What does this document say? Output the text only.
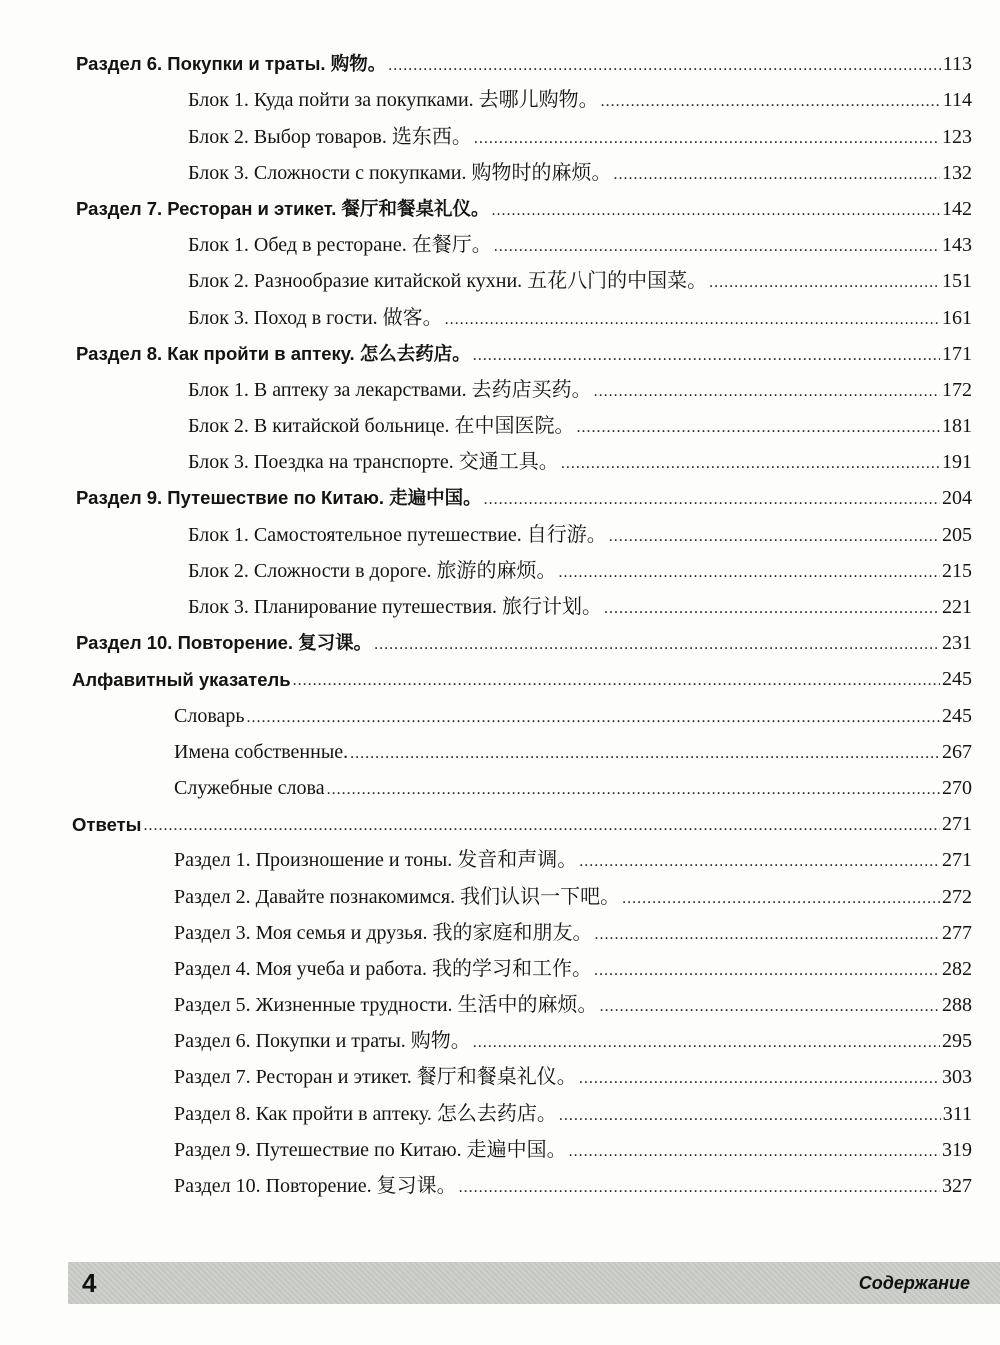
Раздел 6. Покупки и траты. 购物。 .....	113
Блок 1. Куда пойти за покупками. 去哪儿购物。 .....	114
Блок 2. Выбор товаров. 选东西。 .....	123
Блок 3. Сложности с покупками. 购物时的麻烦。 .....	132
Раздел 7. Ресторан и этикет. 餐厅和餐桌礼仪。 .....	142
Блок 1. Обед в ресторане. 在餐厅。 .....	143
Блок 2. Разнообразие китайской кухни. 五花八门的中国菜。 .....	151
Блок 3. Поход в гости. 做客。 .....	161
Раздел 8. Как пройти в аптеку. 怎么去药店。 .....	171
Блок 1. В аптеку за лекарствами. 去药店买药。 .....	172
Блок 2. В китайской больнице. 在中国医院。 .....	181
Блок 3. Поездка на транспорте. 交通工具。 .....	191
Раздел 9. Путешествие по Китаю. 走遍中国。 .....	204
Блок 1. Самостоятельное путешествие. 自行游。 .....	205
Блок 2. Сложности в дороге. 旅游的麻烦。 .....	215
Блок 3. Планирование путешествия. 旅行计划。 .....	221
Раздел 10. Повторение. 复习课。 .....	231
Алфавитный указатель .....	245
Словарь .....	245
Имена собственные. .....	267
Служебные слова .....	270
Ответы .....	271
Раздел 1. Произношение и тоны. 发音和声调。 .....	271
Раздел 2. Давайте познакомимся. 我们认识一下吧。 .....	272
Раздел 3. Моя семья и друзья. 我的家庭和朋友。 .....	277
Раздел 4. Моя учеба и работа. 我的学习和工作。 .....	282
Раздел 5. Жизненные трудности. 生活中的麻烦。 .....	288
Раздел 6. Покупки и траты. 购物。 .....	295
Раздел 7. Ресторан и этикет. 餐厅和餐桌礼仪。 .....	303
Раздел 8. Как пройти в аптеку. 怎么去药店。 .....	311
Раздел 9. Путешествие по Китаю. 走遍中国。 .....	319
Раздел 10. Повторение. 复习课。 .....	327
4	Содержание
